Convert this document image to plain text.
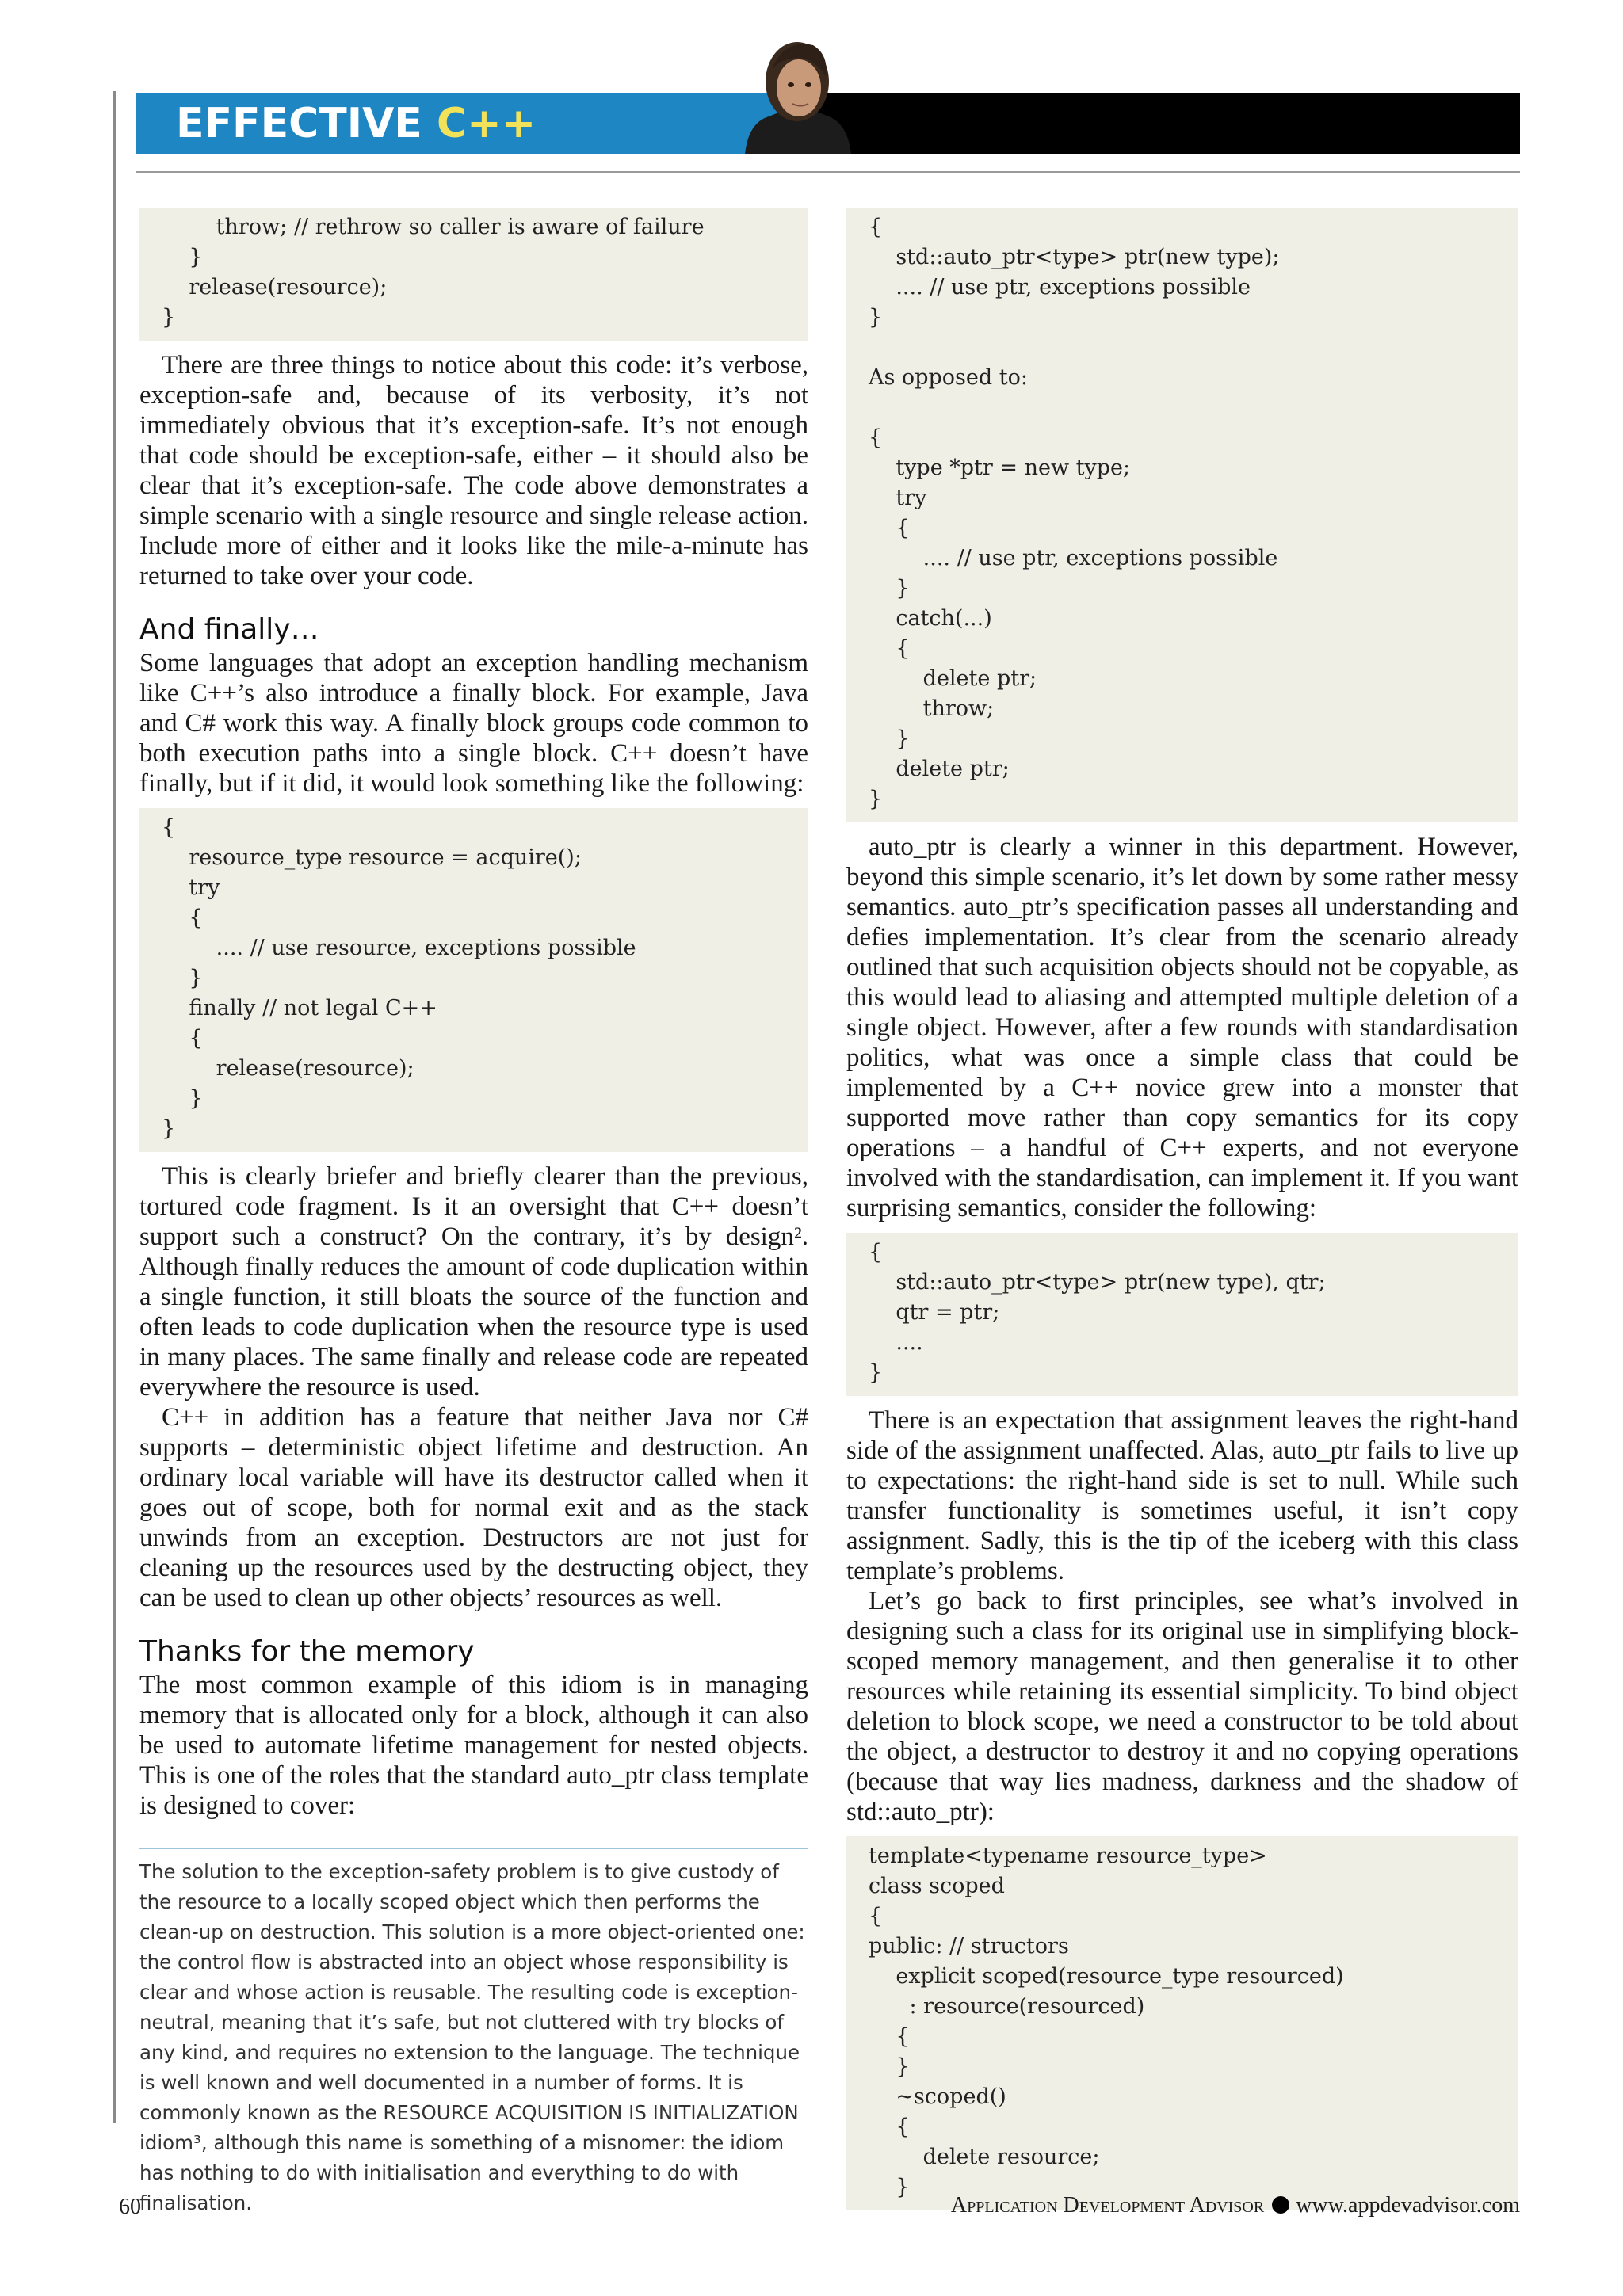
EFFECTIVE C++
throw; // rethrow so caller is aware of failure
}
release(resource);
}

There are three things to notice about this code: it’s verbose, exception-safe and, because of its verbosity, it’s not immediately obvious that it’s exception-safe. It’s not enough that code should be exception-safe, either – it should also be clear that it’s exception-safe. The code above demonstrates a simple scenario with a single resource and single release action. Include more of either and it looks like the mile-a-minute has returned to take over your code.

And finally…

Some languages that adopt an exception handling mechanism like C++’s also introduce a finally block. For example, Java and C# work this way. A finally block groups code common to both execution paths into a single block. C++ doesn’t have finally, but if it did, it would look something like the following:

{
resource_type resource = acquire();
try
{
.... // use resource, exceptions possible
}
finally // not legal C++
{
release(resource);
}
}

This is clearly briefer and briefly clearer than the previous, tortured code fragment. Is it an oversight that C++ doesn’t support such a construct? On the contrary, it’s by design². Although finally reduces the amount of code duplication within a single function, it still bloats the source of the function and often leads to code duplication when the resource type is used in many places. The same finally and release code are repeated everywhere the resource is used.

C++ in addition has a feature that neither Java nor C# supports – deterministic object lifetime and destruction. An ordinary local variable will have its destructor called when it goes out of scope, both for normal exit and as the stack unwinds from an exception. Destructors are not just for cleaning up the resources used by the destructing object, they can be used to clean up other objects’ resources as well.

Thanks for the memory

The most common example of this idiom is in managing memory that is allocated only for a block, although it can also be used to automate lifetime management for nested objects. This is one of the roles that the standard auto_ptr class template is designed to cover:

The solution to the exception-safety problem is to give custody of the resource to a locally scoped object which then performs the clean-up on destruction. This solution is a more object-oriented one: the control flow is abstracted into an object whose responsibility is clear and whose action is reusable. The resulting code is exception-neutral, meaning that it’s safe, but not cluttered with try blocks of any kind, and requires no extension to the language. The technique is well known and well documented in a number of forms. It is commonly known as the RESOURCE ACQUISITION IS INITIALIZATION idiom³, although this name is something of a misnomer: the idiom has nothing to do with initialisation and everything to do with finalisation.
{
std::auto_ptr<type> ptr(new type);
.... // use ptr, exceptions possible
}
As opposed to:
{
type *ptr = new type;
try
{
.... // use ptr, exceptions possible
}
catch(...)
{
delete ptr;
throw;
}
delete ptr;
}

auto_ptr is clearly a winner in this department. However, beyond this simple scenario, it’s let down by some rather messy semantics. auto_ptr’s specification passes all understanding and defies implementation. It’s clear from the scenario already outlined that such acquisition objects should not be copyable, as this would lead to aliasing and attempted multiple deletion of a single object. However, after a few rounds with standardisation politics, what was once a simple class that could be implemented by a C++ novice grew into a monster that supported move rather than copy semantics for its copy operations – a handful of C++ experts, and not everyone involved with the standardisation, can implement it. If you want surprising semantics, consider the following:

{
std::auto_ptr<type> ptr(new type), qtr;
qtr = ptr;
....
}

There is an expectation that assignment leaves the right-hand side of the assignment unaffected. Alas, auto_ptr fails to live up to expectations: the right-hand side is set to null. While such transfer functionality is sometimes useful, it isn’t copy assignment. Sadly, this is the tip of the iceberg with this class template’s problems.

Let’s go back to first principles, see what’s involved in designing such a class for its original use in simplifying block-scoped memory management, and then generalise it to other resources while retaining its essential simplicity. To bind object deletion to block scope, we need a constructor to be told about the object, a destructor to destroy it and no copying operations (because that way lies madness, darkness and the shadow of std::auto_ptr):

template<typename resource_type>
class scoped
{
public: // structors
explicit scoped(resource_type resourced)
: resource(resourced)
{
}
~scoped()
{
delete resource;
}
60	Application Development Advisor www.appdevadvisor.com
